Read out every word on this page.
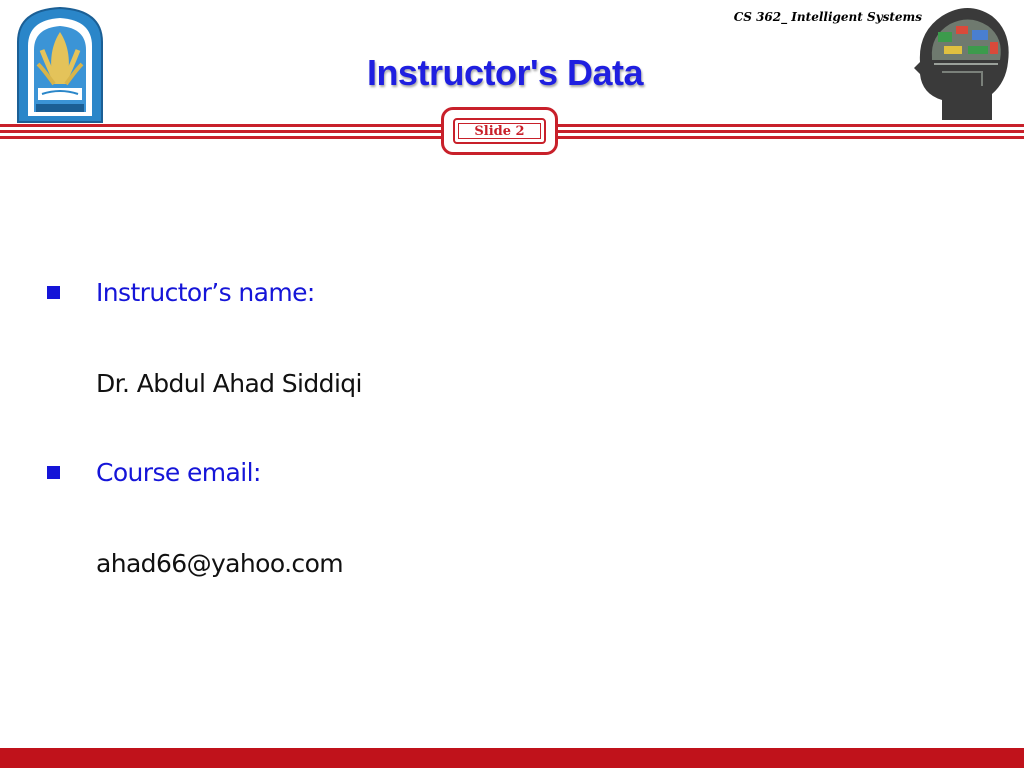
CS 362_ Intelligent Systems
Instructor's Data
Slide 2
Instructor’s name:
Dr. Abdul Ahad Siddiqi
Course email:
ahad66@yahoo.com
